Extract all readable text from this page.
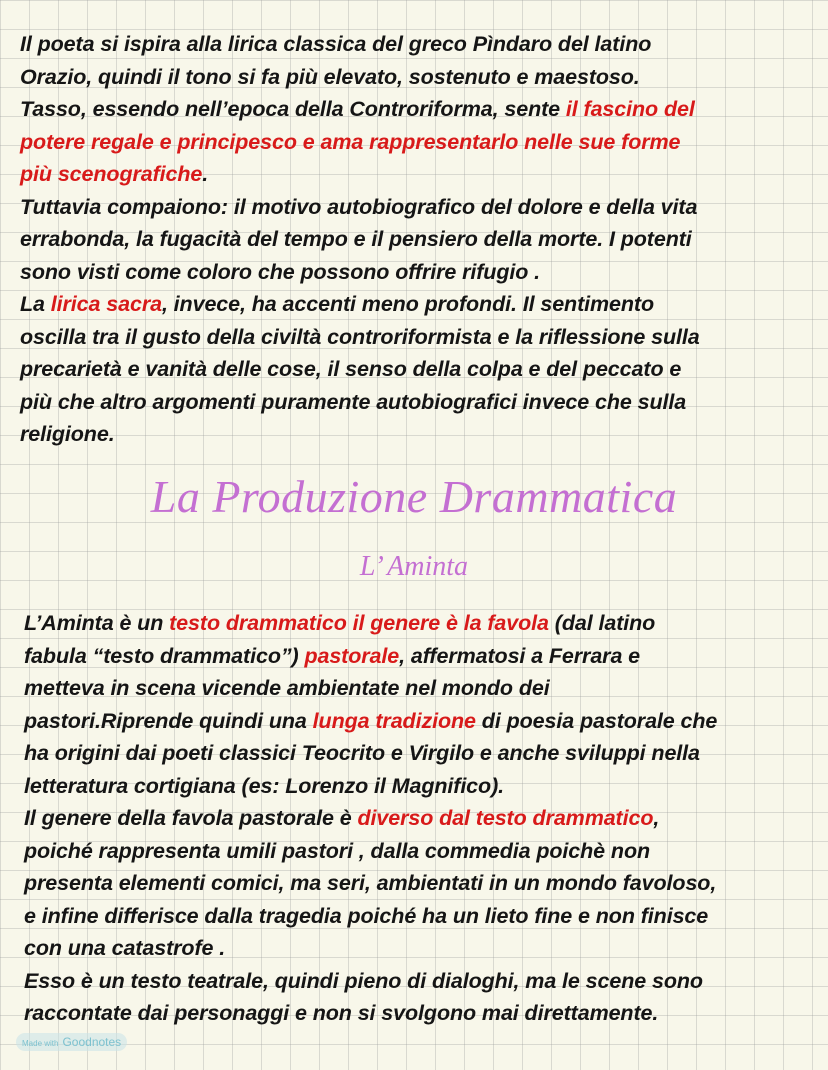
Il poeta si ispira alla lirica classica del greco Pìndaro del latino
Orazio, quindi il tono si fa più elevato, sostenuto e maestoso.
Tasso, essendo nell’epoca della Controriforma, sente il fascino del
potere regale e principesco e ama rappresentarlo nelle sue forme
più scenografiche.
Tuttavia compaiono: il motivo autobiografico del dolore e della vita
errabonda, la fugacità del tempo e il pensiero della morte. I potenti
sono visti come coloro che possono offrire rifugio .
La lirica sacra, invece, ha accenti meno profondi. Il sentimento
oscilla tra il gusto della civiltà controriformista e la riflessione sulla
precarietà e vanità delle cose, il senso della colpa e del peccato e
più che altro argomenti puramente autobiografici invece che sulla
religione.
La Produzione Drammatica
L’ Aminta
L’Aminta è un testo drammatico il genere è la favola (dal latino
fabula “testo drammatico”) pastorale, affermatosi a Ferrara e
metteva in scena vicende ambientate nel mondo dei
pastori.Riprende quindi una lunga tradizione di poesia pastorale che
ha origini dai poeti classici Teocrito e Virgilo e anche sviluppi nella
letteratura cortigiana (es: Lorenzo il Magnifico).
Il genere della favola pastorale è diverso dal testo drammatico,
poiché rappresenta umili pastori , dalla commedia poichè non
presenta elementi comici, ma seri, ambientati in un mondo favoloso,
e infine differisce dalla tragedia poiché ha un lieto fine e non finisce
con una catastrofe .
Esso è un testo teatrale, quindi pieno di dialoghi, ma le scene sono
raccontate dai personaggi e non si svolgono mai direttamente.
Made with Goodnotes
